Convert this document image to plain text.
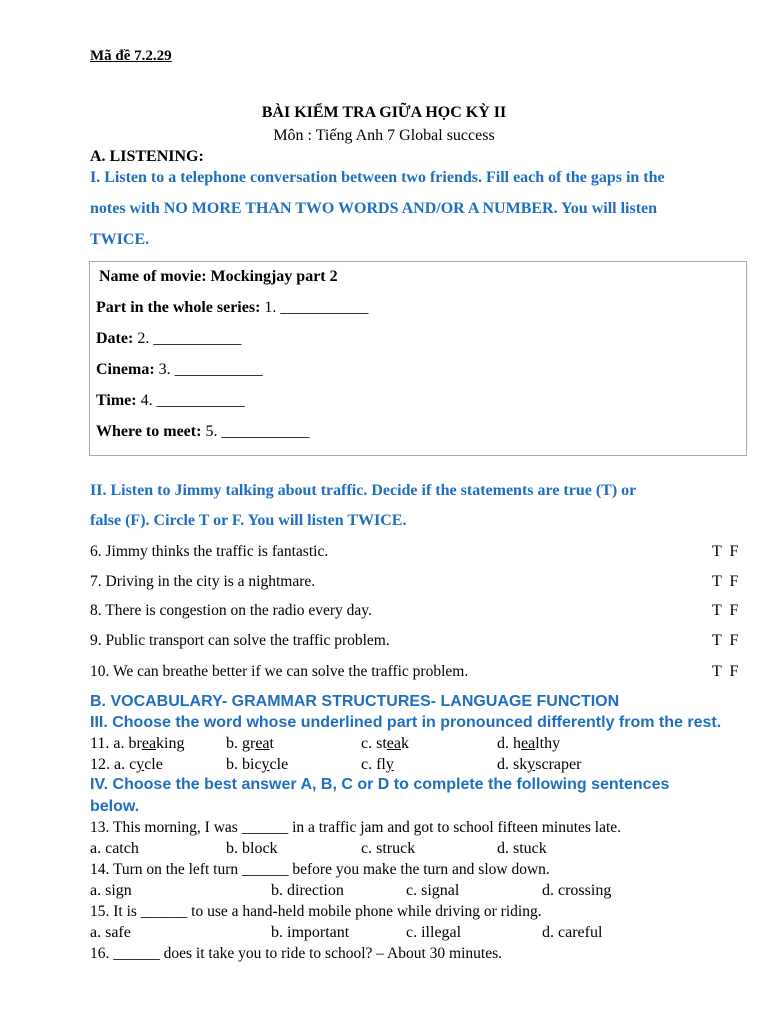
Mã đề 7.2.29
BÀI KIỂM TRA GIỮA HỌC KỲ II
Môn : Tiếng Anh 7 Global success
A. LISTENING:
I. Listen to a telephone conversation between two friends. Fill each of the gaps in the
notes with NO MORE THAN TWO WORDS AND/OR A NUMBER. You will listen
TWICE.
Name of movie: Mockingjay part 2
Part in the whole series: 1. ___________
Date: 2. ___________
Cinema: 3. ___________
Time: 4. ___________
Where to meet: 5. ___________
II. Listen to Jimmy talking about traffic. Decide if the statements are true (T) or
false (F). Circle T or F. You will listen TWICE.
6. Jimmy thinks the traffic is fantastic.	T  F
7. Driving in the city is a nightmare.	T  F
8. There is congestion on the radio every day.	T  F
9. Public transport can solve the traffic problem.	T  F
10. We can breathe better if we can solve the traffic problem.	T  F
B. VOCABULARY- GRAMMAR STRUCTURES- LANGUAGE FUNCTION
III. Choose the word whose underlined part in pronounced differently from the rest.
11. a. breaking	b. great	c. steak	d. healthy
12. a. cycle	b. bicycle	c. fly	d. skyscraper
IV. Choose the best answer A, B, C or D to complete the following sentences
below.
13. This morning, I was ______ in a traffic jam and got to school fifteen minutes late.
a. catch	b. block	c. struck	d. stuck
14. Turn on the left turn ______ before you make the turn and slow down.
a. sign	b. direction	c. signal	d. crossing
15. It is ______ to use a hand-held mobile phone while driving or riding.
a. safe	b. important	c. illegal	d. careful
16. ______ does it take you to ride to school? – About 30 minutes.
